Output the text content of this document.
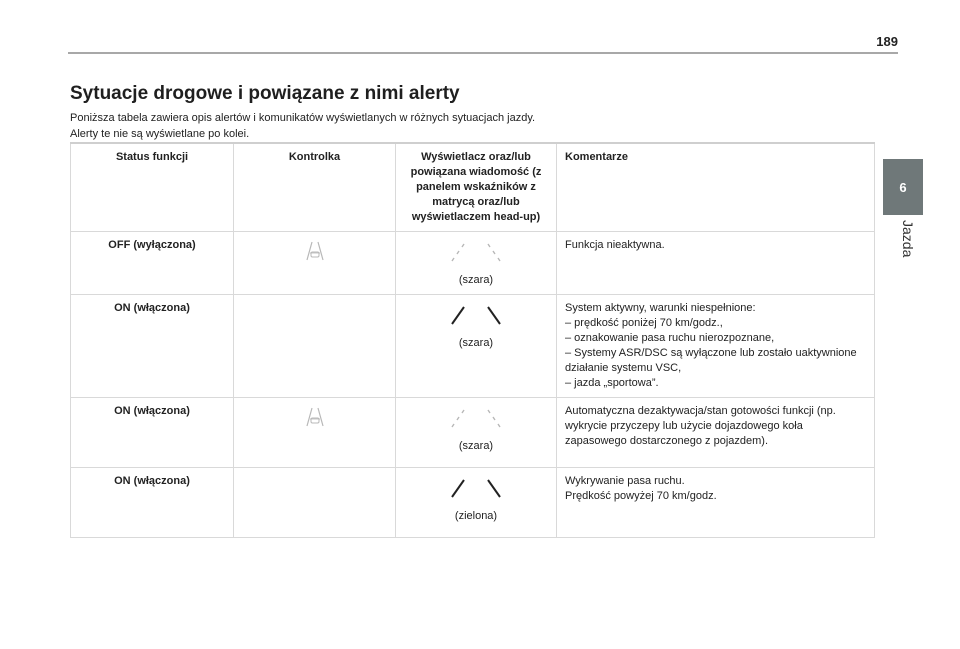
189
6
Jazda
Sytuacje drogowe i powiązane z nimi alerty

Poniższa tabela zawiera opis alertów i komunikatów wyświetlanych w różnych sytuacjach jazdy.

Alerty te nie są wyświetlane po kolei.

Status funkcji	Kontrolka	Wyświetlacz oraz/lub powiązana wiadomość (z panelem wskaźników z matrycą oraz/lub wyświetlaczem head-up)	Komentarze
OFF (wyłączona)		(szara)	Funkcja nieaktywna.

ON (włączona)		(szara)	System aktywny, warunki niespełnione:
– prędkość poniżej 70 km/godz.,
– oznakowanie pasa ruchu nierozpoznane,
– Systemy ASR/DSC są wyłączone lub zostało uaktywnione działanie systemu VSC,
– jazda „sportowa”.

ON (włączona)		(szara)	Automatyczna dezaktywacja/stan gotowości funkcji (np. wykrycie przyczepy lub użycie dojazdowego koła zapasowego dostarczonego z pojazdem).

ON (włączona)		(zielona)	Wykrywanie pasa ruchu.
Prędkość powyżej 70 km/godz.
